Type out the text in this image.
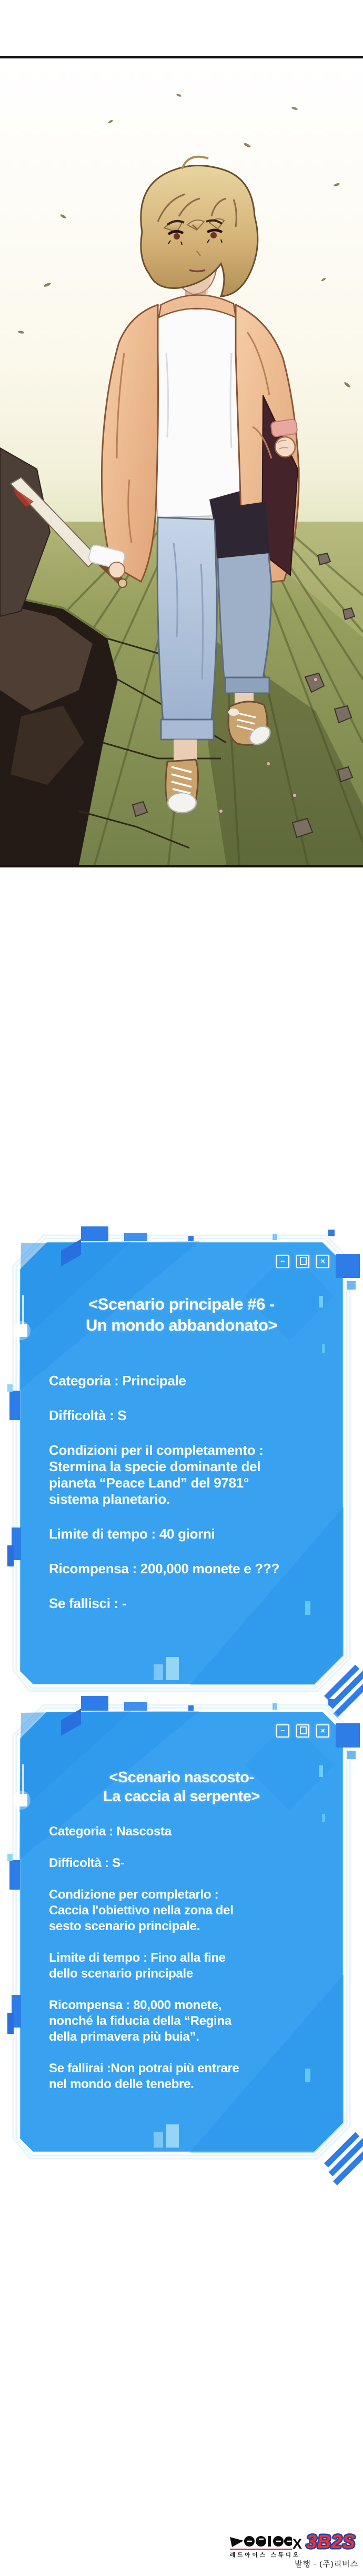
−	×
<Scenario principale #6 -
Un mondo abbandonato>
Categoria : Principale
Difficoltà : S
Condizioni per il completamento :
Stermina la specie dominante del
pianeta “Peace Land” del 9781°
sistema planetario.
Limite di tempo : 40 giorni
Ricompensa : 200,000 monete e ???
Se fallisci : -
−	×
<Scenario nascosto-
La caccia al serpente>
Categoria : Nascosta
Difficoltà : S-
Condizione per completarlo :
Caccia l'obiettivo nella zona del
sesto scenario principale.
Limite di tempo : Fino alla fine
dello scenario principale
Ricompensa : 80,000 monete,
nonché la fiducia della “Regina
della primavera più buia”.
Se fallirai :Non potrai più entrare
nel mondo delle tenebre.
레드아이스 스튜디오
X 3B2S
발행 · (주)리버스
